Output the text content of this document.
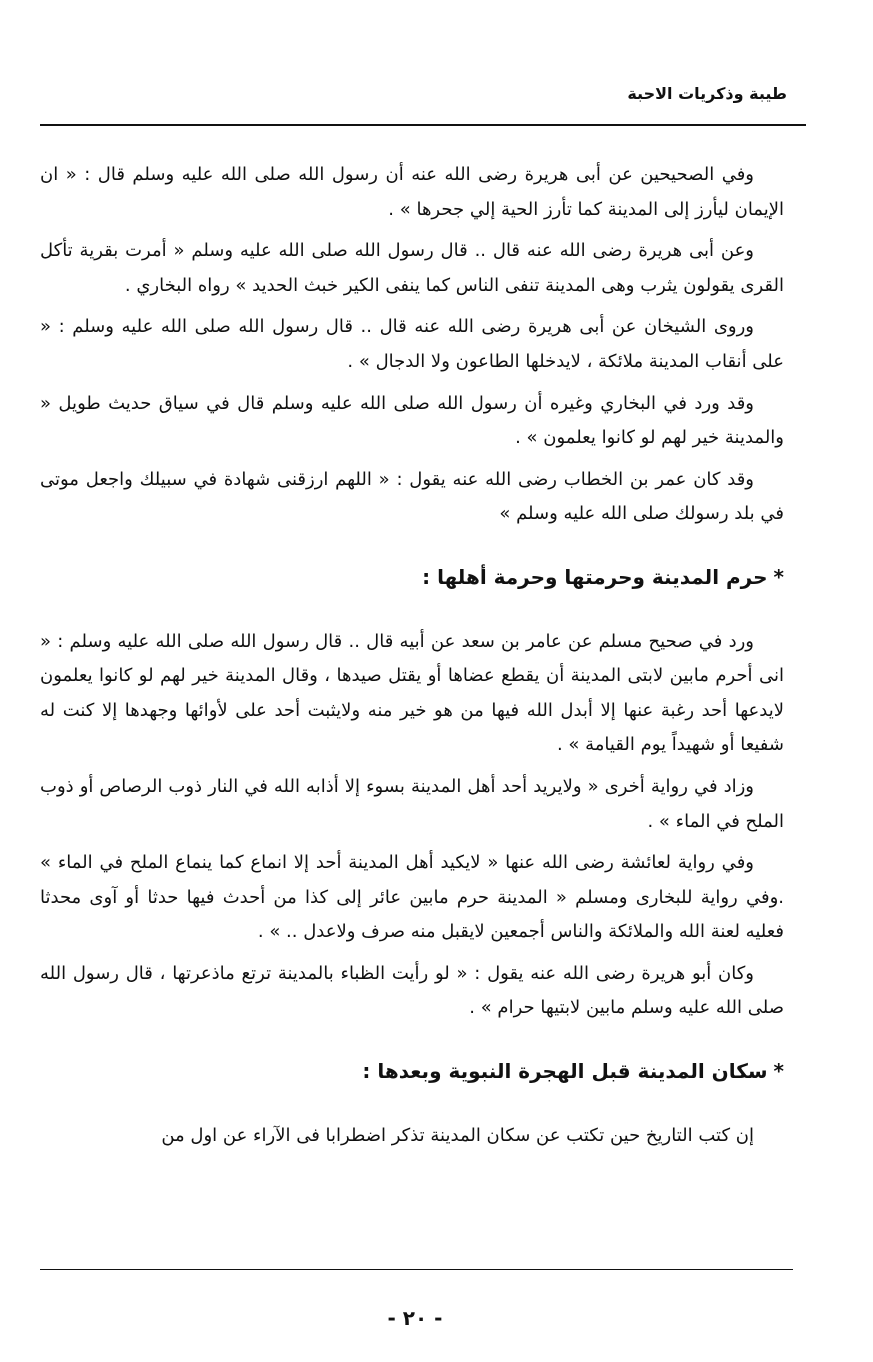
طيبة وذكريات الاحبة

وفي الصحيحين عن أبى هريرة رضى الله عنه أن رسول الله صلى الله عليه وسلم قال : « ان الإيمان ليأرز إلى المدينة كما تأرز الحية إلي جحرها » .

وعن أبى هريرة رضى الله عنه قال .. قال رسول الله صلى الله عليه وسلم « أمرت بقرية تأكل القرى يقولون يثرب وهى المدينة تنفى الناس كما ينفى الكير خبث الحديد » رواه البخاري .

وروى الشيخان عن أبى هريرة رضى الله عنه قال .. قال رسول الله صلى الله عليه وسلم : « على أنقاب المدينة ملائكة ، لايدخلها الطاعون ولا الدجال » .

وقد ورد في البخاري وغيره أن رسول الله صلى الله عليه وسلم قال في سياق حديث طويل « والمدينة خير لهم لو كانوا يعلمون » .

وقد كان عمر بن الخطاب رضى الله عنه يقول : « اللهم ارزقنى شهادة في سبيلك واجعل موتى في بلد رسولك صلى الله عليه وسلم »

*حرم المدينة وحرمتها وحرمة أهلها :

ورد في صحيح مسلم عن عامر بن سعد عن أبيه قال .. قال رسول الله صلى الله عليه وسلم : « انى أحرم مابين لابتى المدينة أن يقطع عضاها أو يقتل صيدها ، وقال المدينة خير لهم لو كانوا يعلمون لايدعها أحد رغبة عنها إلا أبدل الله فيها من هو خير منه ولايثبت أحد على لأوائها وجهدها إلا كنت له شفيعا أو شهيداً يوم القيامة » .

وزاد في رواية أخرى « ولايريد أحد أهل المدينة بسوء إلا أذابه الله في النار ذوب الرصاص أو ذوب الملح في الماء » .

وفي رواية لعائشة رضى الله عنها « لايكيد أهل المدينة أحد إلا انماع كما ينماع الملح في الماء » .وفي رواية للبخارى ومسلم « المدينة حرم مابين عائر إلى كذا من أحدث فيها حدثا أو آوى محدثا فعليه لعنة الله والملائكة والناس أجمعين لايقبل منه صرف ولاعدل .. » .

وكان أبو هريرة رضى الله عنه يقول : « لو رأيت الظباء بالمدينة ترتع ماذعرتها ، قال رسول الله صلى الله عليه وسلم مابين لابتيها حرام » .

*سكان المدينة قبل الهجرة النبوية وبعدها :

إن كتب التاريخ حين تكتب عن سكان المدينة تذكر اضطرابا فى الآراء عن اول من

- ٢٠ -
